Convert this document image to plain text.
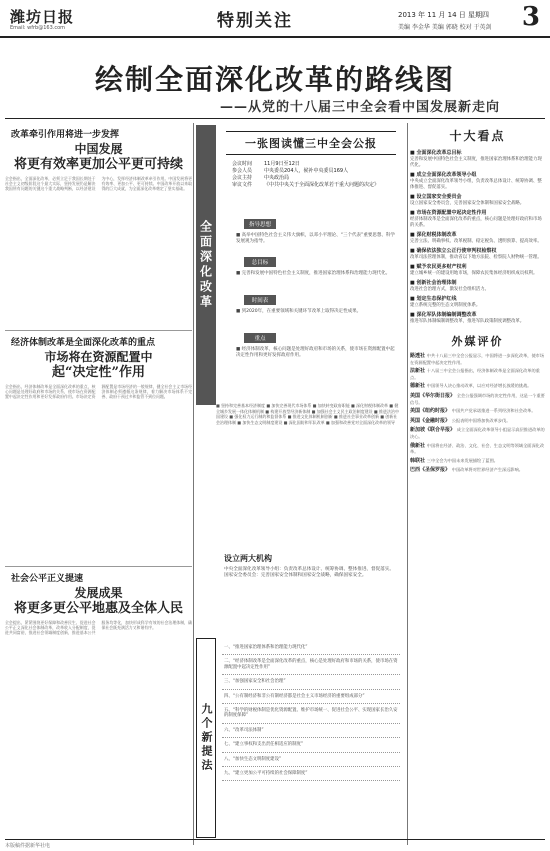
潍坊日报
Email: wfrb@163.com	特别关注	2013 年 11 月 14 日 星期四
美编 李金华 美编 郭晓 校对 于英剑 3
绘制全面深化改革的路线图
——从党的十八届三中全会看中国发展新走向
改革牵引作用将进一步发挥
中国发展
将更有效率更加公平更可持续
全会指出，全面深化改革，必须立足于我国长期处于社会主义初级阶段这个最大实际，坚持发展仍是解决我国所有问题的关键这个重大战略判断，以经济建设为中心，发挥经济体制改革牵引作用。中国发展将更有效率、更加公平、更可持续。中国改革开放以来取得的巨大成就，为全面深化改革奠定了坚实基础。
经济体制改革是全面深化改革的重点
市场将在资源配置中
起“决定性”作用
全会指出，经济体制改革是全面深化改革的重点，核心问题是处理好政府和市场的关系，使市场在资源配置中起决定性作用和更好发挥政府作用。市场决定资源配置是市场经济的一般规律，健全社会主义市场经济体制必须遵循这条规律，着力解决市场体系不完善、政府干预过多和监管不到位问题。
社会公平正义提速
发展成果
将更多更公平地惠及全体人民
全会提出，紧紧围绕更好保障和改善民生、促进社会公平正义深化社会体制改革，改革收入分配制度，促进共同富裕，推进社会领域制度创新，推进基本公共服务均等化，加快形成科学有效的社会治理体制，确保社会既充满活力又和谐有序。
全面深化改革
一张图读懂三中全会公报
会议时间	11月9日至12日
参会人员	中央委员204人，候补中央委员169人
会议主持	中央政治局
审议文件	《中共中央关于全面深化改革若干重大问题的决定》
指导思想
■ 高举中国特色社会主义伟大旗帜，以邓小平理论、“三个代表”重要思想、科学发展观为指导。
总目标
■ 完善和发展中国特色社会主义制度，推进国家治理体系和治理能力现代化。
时间表
■ 到2020年，在重要领域和关键环节改革上取得决定性成果。
重点
■ 经济体制改革，核心问题是处理好政府和市场的关系，使市场在资源配置中起决定性作用和更好发挥政府作用。
■ 坚持和完善基本经济制度 ■ 加快完善现代市场体系 ■ 加快转变政府职能 ■ 深化财税体制改革 ■ 健全城乡发展一体化体制机制 ■ 构建开放型经济新体制 ■ 加强社会主义民主政治制度建设 ■ 推进法治中国建设 ■ 强化权力运行制约和监督体系 ■ 推进文化体制机制创新 ■ 推进社会事业改革创新 ■ 创新社会治理体制 ■ 加快生态文明制度建设 ■ 深化国防和军队改革 ■ 加强和改善党对全面深化改革的领导
设立两大机构
中央全面深化改革领导小组：负责改革总体设计、统筹协调、整体推进、督促落实。国家安全委员会：完善国家安全体制和国家安全战略，确保国家安全。
九个新提法
一、“推进国家治理体系和治理能力现代化”
二、“经济体制改革是全面深化改革的重点，核心是处理好政府和市场的关系，使市场在资源配置中起决定性作用”
三、“加强国家安全和社会治理”
四、“公有制经济和非公有制经济都是社会主义市场经济的重要组成部分”
五、“科学的财税体制是优化资源配置、维护市场统一、促进社会公平、实现国家长治久安的制度保障”
六、“改革司法体制”
七、“建立事权和支出责任相适应的制度”
八、“加快生态文明制度建设”
九、“建立更加公平可持续的社会保障制度”
十大看点
■ 全面深化改革总目标
完善和发展中国特色社会主义制度，推进国家治理体系和治理能力现代化。
■ 成立全面深化改革领导小组
中央成立全面深化改革领导小组，负责改革总体设计、统筹协调、整体推进、督促落实。
■ 设立国家安全委员会
设立国家安全委员会，完善国家安全体制和国家安全战略。
■ 市场在资源配置中起决定性作用
经济体制改革是全面深化改革的重点，核心问题是处理好政府和市场的关系。
■ 深化财税体制改革
完善立法、明确事权、改革税制、稳定税负、透明预算、提高效率。
■ 确保依法独立公正行使审判权检察权
改革司法管理体制，推动省以下地方法院、检察院人财物统一管理。
■ 赋予农民更多财产权利
建立城乡统一的建设用地市场，保障农民集体经济组织成员权利。
■ 创新社会治理体制
改进社会治理方式，激发社会组织活力。
■ 划定生态保护红线
建立系统完整的生态文明制度体系。
■ 深化军队体制编制调整改革
推进军队体制编制调整改革，推进军队政策制度调整改革。
外媒评价
路透社 中共十八届三中全会公报显示，中国将进一步深化改革，使市场在资源配置中起决定性作用。
法新社 十八届三中全会公报指出，经济体制改革是全面深化改革的重点。
德新社 中国领导人决心推动改革，以应对经济增长放缓的挑战。
美国《华尔街日报》 全会公报强调市场的决定性作用，这是一个重要信号。
美国《纽约时报》 中国共产党承诺推进一系列经济和社会改革。
英国《金融时报》 公报表明中国将加快改革步伐。
新加坡《联合早报》 成立全面深化改革领导小组显示高层推进改革的决心。
俄新社 中国将在经济、政治、文化、社会、生态文明等领域全面深化改革。
韩联社 三中全会为中国未来发展描绘了蓝图。
巴西《圣保罗报》 中国改革将对世界经济产生深远影响。
本版稿件据新华社电
